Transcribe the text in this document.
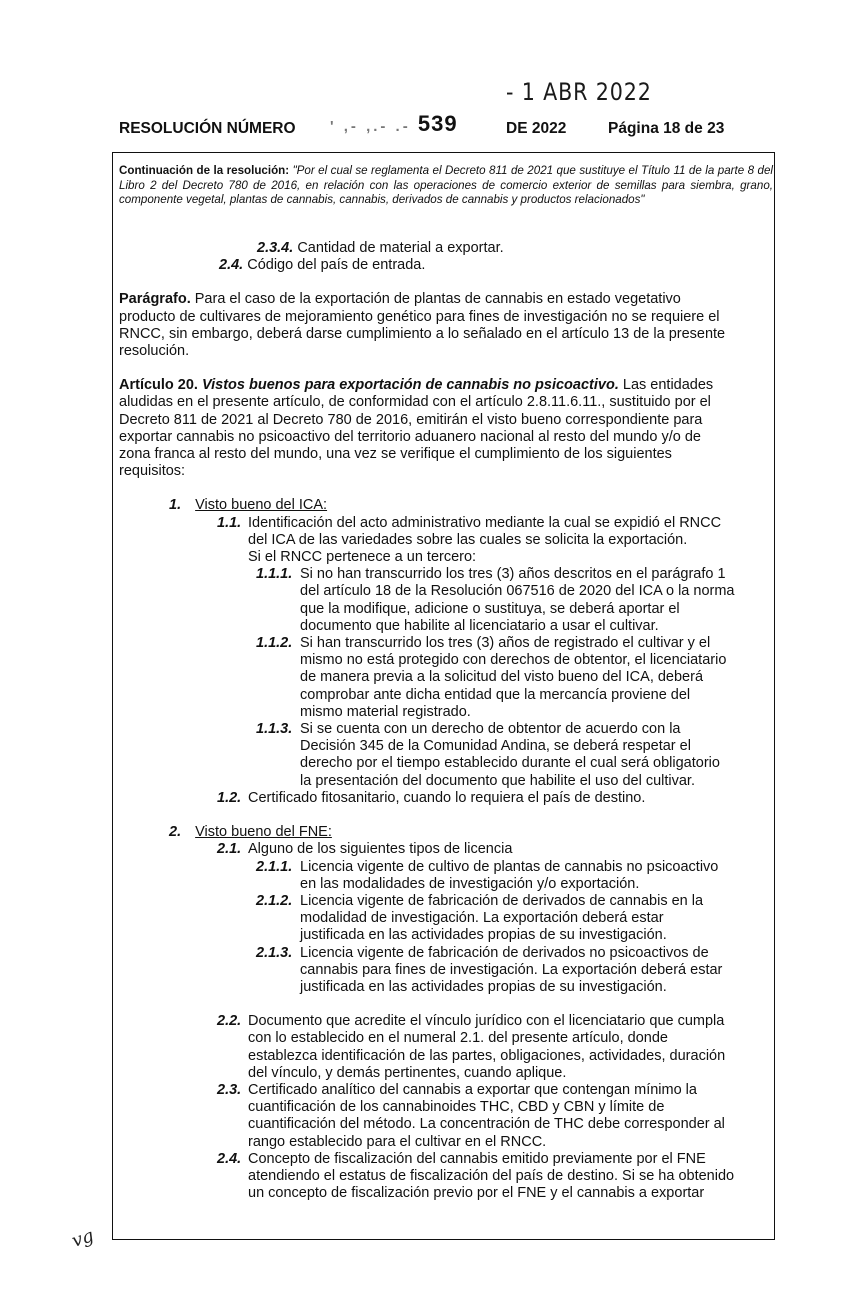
- 1 ABR 2022
RESOLUCIÓN NÚMERO ' ,- ,.- .- 539	DE 2022	Página 18 de 23
Continuación de la resolución: "Por el cual se reglamenta el Decreto 811 de 2021 que sustituye el Título 11 de la parte 8 del Libro 2 del Decreto 780 de 2016, en relación con las operaciones de comercio exterior de semillas para siembra, grano, componente vegetal, plantas de cannabis, cannabis, derivados de cannabis y productos relacionados"
2.3.4. Cantidad de material a exportar.
2.4. Código del país de entrada.
Parágrafo. Para el caso de la exportación de plantas de cannabis en estado vegetativo
producto de cultivares de mejoramiento genético para fines de investigación no se requiere el
RNCC, sin embargo, deberá darse cumplimiento a lo señalado en el artículo 13 de la presente
resolución.
Artículo 20. Vistos buenos para exportación de cannabis no psicoactivo. Las entidades
aludidas en el presente artículo, de conformidad con el artículo 2.8.11.6.11., sustituido por el
Decreto 811 de 2021 al Decreto 780 de 2016, emitirán el visto bueno correspondiente para
exportar cannabis no psicoactivo del territorio aduanero nacional al resto del mundo y/o de
zona franca al resto del mundo, una vez se verifique el cumplimiento de los siguientes
requisitos:
1. Visto bueno del ICA:
1.1. Identificación del acto administrativo mediante la cual se expidió el RNCC
del ICA de las variedades sobre las cuales se solicita la exportación.
Si el RNCC pertenece a un tercero:
1.1.1. Si no han transcurrido los tres (3) años descritos en el parágrafo 1
del artículo 18 de la Resolución 067516 de 2020 del ICA o la norma
que la modifique, adicione o sustituya, se deberá aportar el
documento que habilite al licenciatario a usar el cultivar.
1.1.2. Si han transcurrido los tres (3) años de registrado el cultivar y el
mismo no está protegido con derechos de obtentor, el licenciatario
de manera previa a la solicitud del visto bueno del ICA, deberá
comprobar ante dicha entidad que la mercancía proviene del
mismo material registrado.
1.1.3. Si se cuenta con un derecho de obtentor de acuerdo con la
Decisión 345 de la Comunidad Andina, se deberá respetar el
derecho por el tiempo establecido durante el cual será obligatorio
la presentación del documento que habilite el uso del cultivar.
1.2. Certificado fitosanitario, cuando lo requiera el país de destino.
2. Visto bueno del FNE:
2.1. Alguno de los siguientes tipos de licencia
2.1.1. Licencia vigente de cultivo de plantas de cannabis no psicoactivo
en las modalidades de investigación y/o exportación.
2.1.2. Licencia vigente de fabricación de derivados de cannabis en la
modalidad de investigación. La exportación deberá estar
justificada en las actividades propias de su investigación.
2.1.3. Licencia vigente de fabricación de derivados no psicoactivos de
cannabis para fines de investigación. La exportación deberá estar
justificada en las actividades propias de su investigación.
2.2. Documento que acredite el vínculo jurídico con el licenciatario que cumpla
con lo establecido en el numeral 2.1. del presente artículo, donde
establezca identificación de las partes, obligaciones, actividades, duración
del vínculo, y demás pertinentes, cuando aplique.
2.3. Certificado analítico del cannabis a exportar que contengan mínimo la
cuantificación de los cannabinoides THC, CBD y CBN y límite de
cuantificación del método. La concentración de THC debe corresponder al
rango establecido para el cultivar en el RNCC.
2.4. Concepto de fiscalización del cannabis emitido previamente por el FNE
atendiendo el estatus de fiscalización del país de destino. Si se ha obtenido
un concepto de fiscalización previo por el FNE y el cannabis a exportar
vg
